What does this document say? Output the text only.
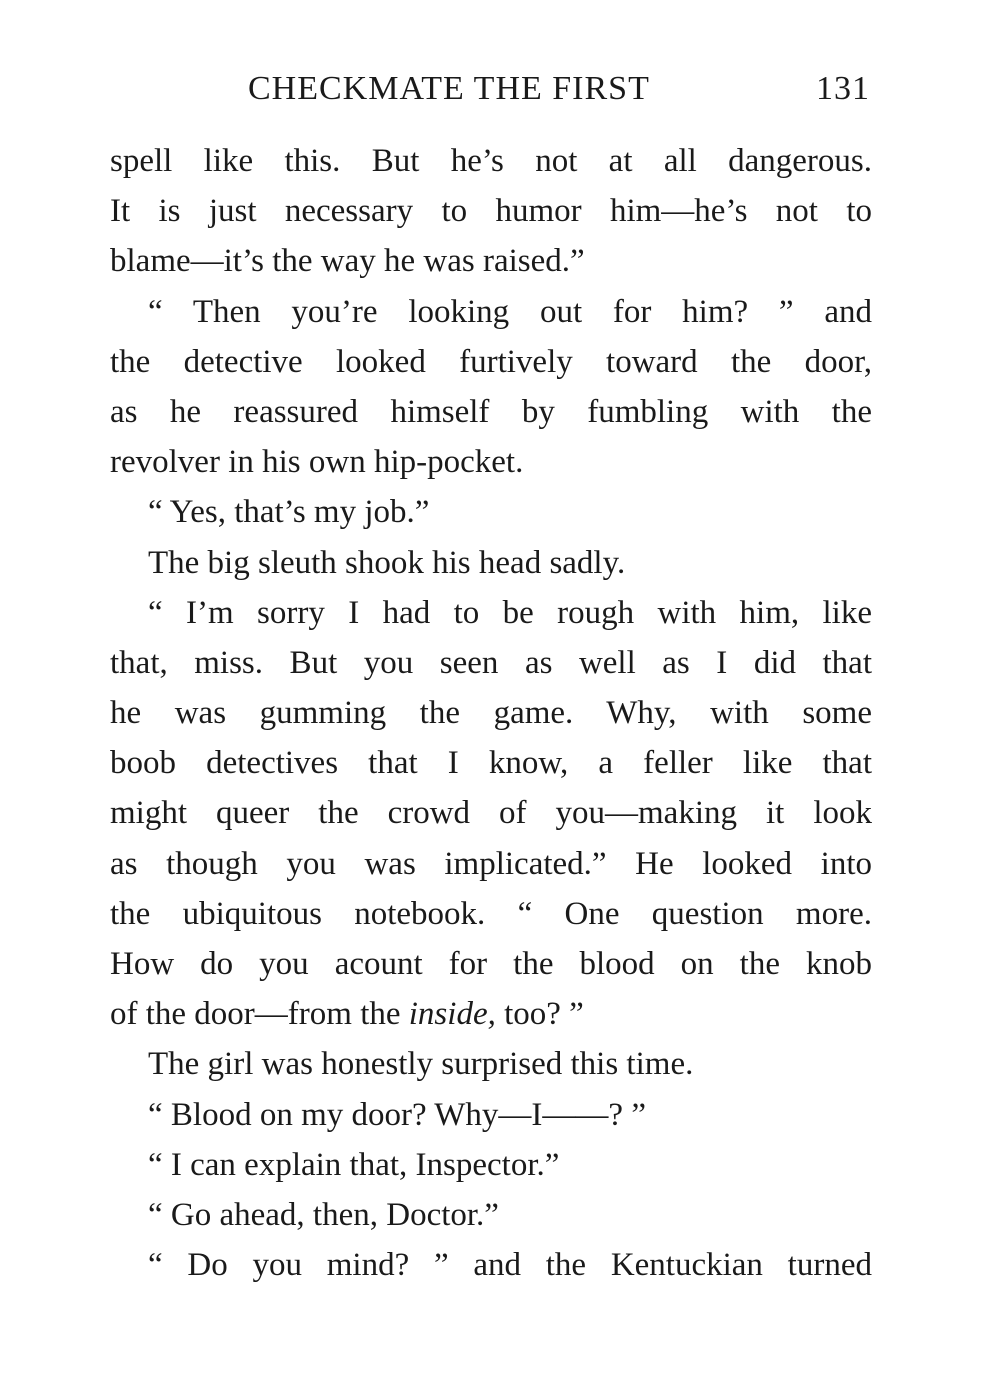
CHECKMATE THE FIRST	131
spell like this. But he’s not at all dangerous.
It is just necessary to humor him—he’s not to
blame—it’s the way he was raised.”
“ Then you’re looking out for him? ” and
the detective looked furtively toward the door,
as he reassured himself by fumbling with the
revolver in his own hip-pocket.
“ Yes, that’s my job.”
The big sleuth shook his head sadly.
“ I’m sorry I had to be rough with him, like
that, miss. But you seen as well as I did that
he was gumming the game. Why, with some
boob detectives that I know, a feller like that
might queer the crowd of you—making it look
as though you was implicated.” He looked into
the ubiquitous notebook. “ One question more.
How do you acount for the blood on the knob
of the door—from the inside, too? ”
The girl was honestly surprised this time.
“ Blood on my door? Why—I——? ”
“ I can explain that, Inspector.”
“ Go ahead, then, Doctor.”
“ Do you mind? ” and the Kentuckian turned
